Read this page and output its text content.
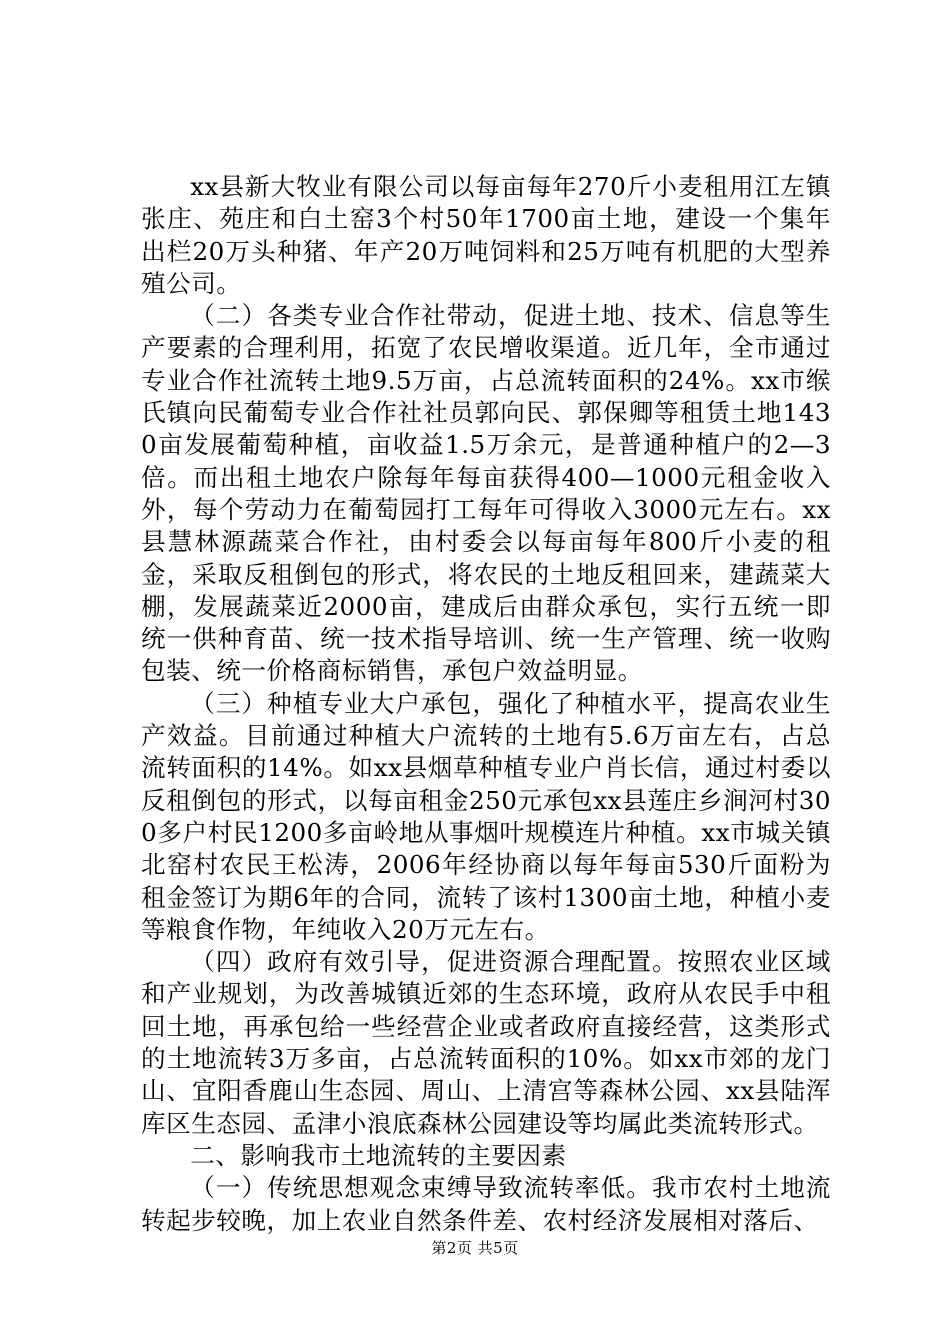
xx县新大牧业有限公司以每亩每年270斤小麦租用江左镇张庄、苑庄和白土窑3个村50年1700亩土地，建设一个集年出栏20万头种猪、年产20万吨饲料和25万吨有机肥的大型养殖公司。

（二）各类专业合作社带动，促进土地、技术、信息等生产要素的合理利用，拓宽了农民增收渠道。近几年，全市通过专业合作社流转土地9.5万亩，占总流转面积的24%。xx市缑氏镇向民葡萄专业合作社社员郭向民、郭保卿等租赁土地1430亩发展葡萄种植，亩收益1.5万余元，是普通种植户的2—3倍。而出租土地农户除每年每亩获得400—1000元租金收入外，每个劳动力在葡萄园打工每年可得收入3000元左右。xx县慧林源蔬菜合作社，由村委会以每亩每年800斤小麦的租金，采取反租倒包的形式，将农民的土地反租回来，建蔬菜大棚，发展蔬菜近2000亩，建成后由群众承包，实行五统一即统一供种育苗、统一技术指导培训、统一生产管理、统一收购包装、统一价格商标销售，承包户效益明显。

（三）种植专业大户承包，强化了种植水平，提高农业生产效益。目前通过种植大户流转的土地有5.6万亩左右，占总流转面积的14%。如xx县烟草种植专业户肖长信，通过村委以反租倒包的形式，以每亩租金250元承包xx县莲庄乡涧河村300多户村民1200多亩岭地从事烟叶规模连片种植。xx市城关镇北窑村农民王松涛，2006年经协商以每年每亩530斤面粉为租金签订为期6年的合同，流转了该村1300亩土地，种植小麦等粮食作物，年纯收入20万元左右。

（四）政府有效引导，促进资源合理配置。按照农业区域和产业规划，为改善城镇近郊的生态环境，政府从农民手中租回土地，再承包给一些经营企业或者政府直接经营，这类形式的土地流转3万多亩，占总流转面积的10%。如xx市郊的龙门山、宜阳香鹿山生态园、周山、上清宫等森林公园、xx县陆浑库区生态园、孟津小浪底森林公园建设等均属此类流转形式。

二、影响我市土地流转的主要因素

（一）传统思想观念束缚导致流转率低。我市农村土地流转起步较晚，加上农业自然条件差、农村经济发展相对落后、

第2页 共5页
